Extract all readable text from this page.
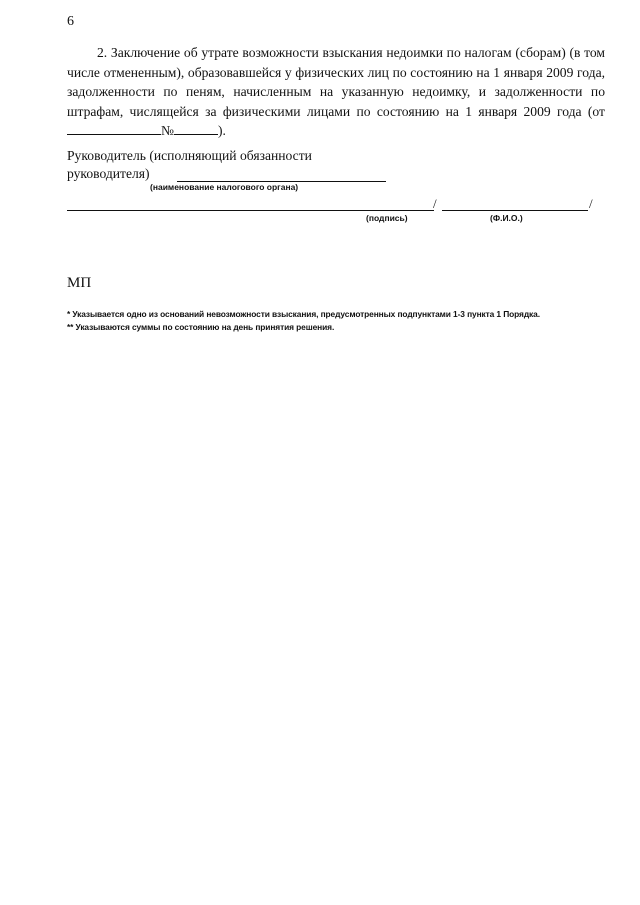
6
2. Заключение об утрате возможности взыскания недоимки по налогам (сборам) (в том числе отмененным), образовавшейся у физических лиц по состоянию на 1 января 2009 года, задолженности по пеням, начисленным на указанную недоимку, и задолженности по штрафам, числящейся за физическими лицами по состоянию на 1 января 2009 года (от№	).
Руководитель (исполняющий обязанности
руководителя)
(наименование налогового органа)
/	/
(подпись)	(Ф.И.О.)
МП
* Указывается одно из оснований невозможности взыскания, предусмотренных подпунктами 1-3 пункта 1 Порядка.
** Указываются суммы по состоянию на день принятия решения.
